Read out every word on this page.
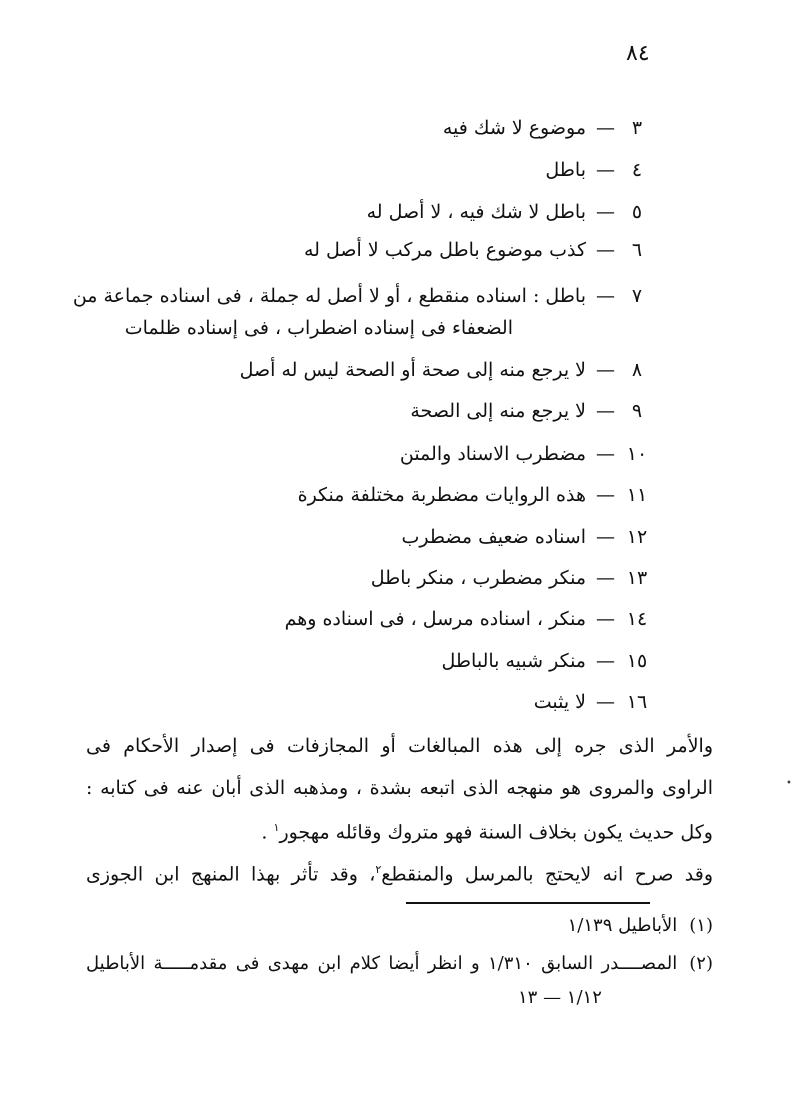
٨٤
٣—موضوع لا شك فيه
٤—باطل
٥—باطل لا شك فيه ، لا أصل له
٦—كذب موضوع باطل مركب لا أصل له
٧—باطل : اسناده منقطع ، أو لا أصل له جملة ، فى اسناده جماعة من
الضعفاء فى إسناده اضطراب ، فى إسناده ظلمات
٨—لا يرجع منه إلى صحة أو الصحة ليس له أصل
٩—لا يرجع منه إلى الصحة
١٠—مضطرب الاسناد والمتن
١١—هذه الروايات مضطربة مختلفة منكرة
١٢—اسناده ضعيف مضطرب
١٣—منكر مضطرب ، منكر باطل
١٤—منكر ، اسناده مرسل ، فى اسناده وهم
١٥—منكر شبيه بالباطل
١٦—لا يثبت
والأمر الذى جره إلى هذه المبالغات أو المجازفات فى إصدار الأحكام فى
الراوى والمروى هو منهجه الذى اتبعه بشدة ، ومذهبه الذى أبان عنه فى كتابه :
وكل حديث يكون بخلاف السنة فهو متروك وقائله مهجور$^١$ .
وقد صرح انه لايحتج بالمرسل والمنقطع$^٢$، وقد تأثر بهذا المنهج ابن الجوزى
(١)الأباطيل ١/١٣٩
(٢)المصــــدر السابق ١/٣١٠ و انظر أيضا كلام ابن مهدى فى مقدمـــــة الأباطيل
١/١٢ — ١٣
•
